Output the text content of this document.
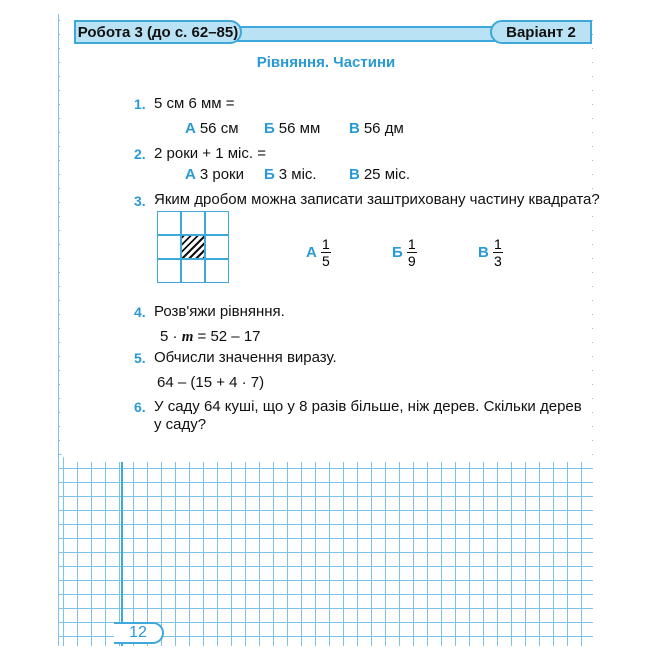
Робота 3 (до с. 62–85)	Варіант 2
Рівняння. Частини
1. 5 см 6 мм =
А 56 см Б 56 мм В 56 дм
2. 2 роки + 1 міс. =
А 3 роки Б 3 міс. В 25 міс.
3. Яким дробом можна записати заштриховану частину квадрата?
А 1
5	Б 1
9	В 1
3
4. Розв'яжи рівняння.
5 · m = 52 – 17
5. Обчисли значення виразу.
64 – (15 + 4 · 7)
6. У саду 64 куші, що у 8 разів більше, ніж дерев. Скільки дерев
у саду?
12
